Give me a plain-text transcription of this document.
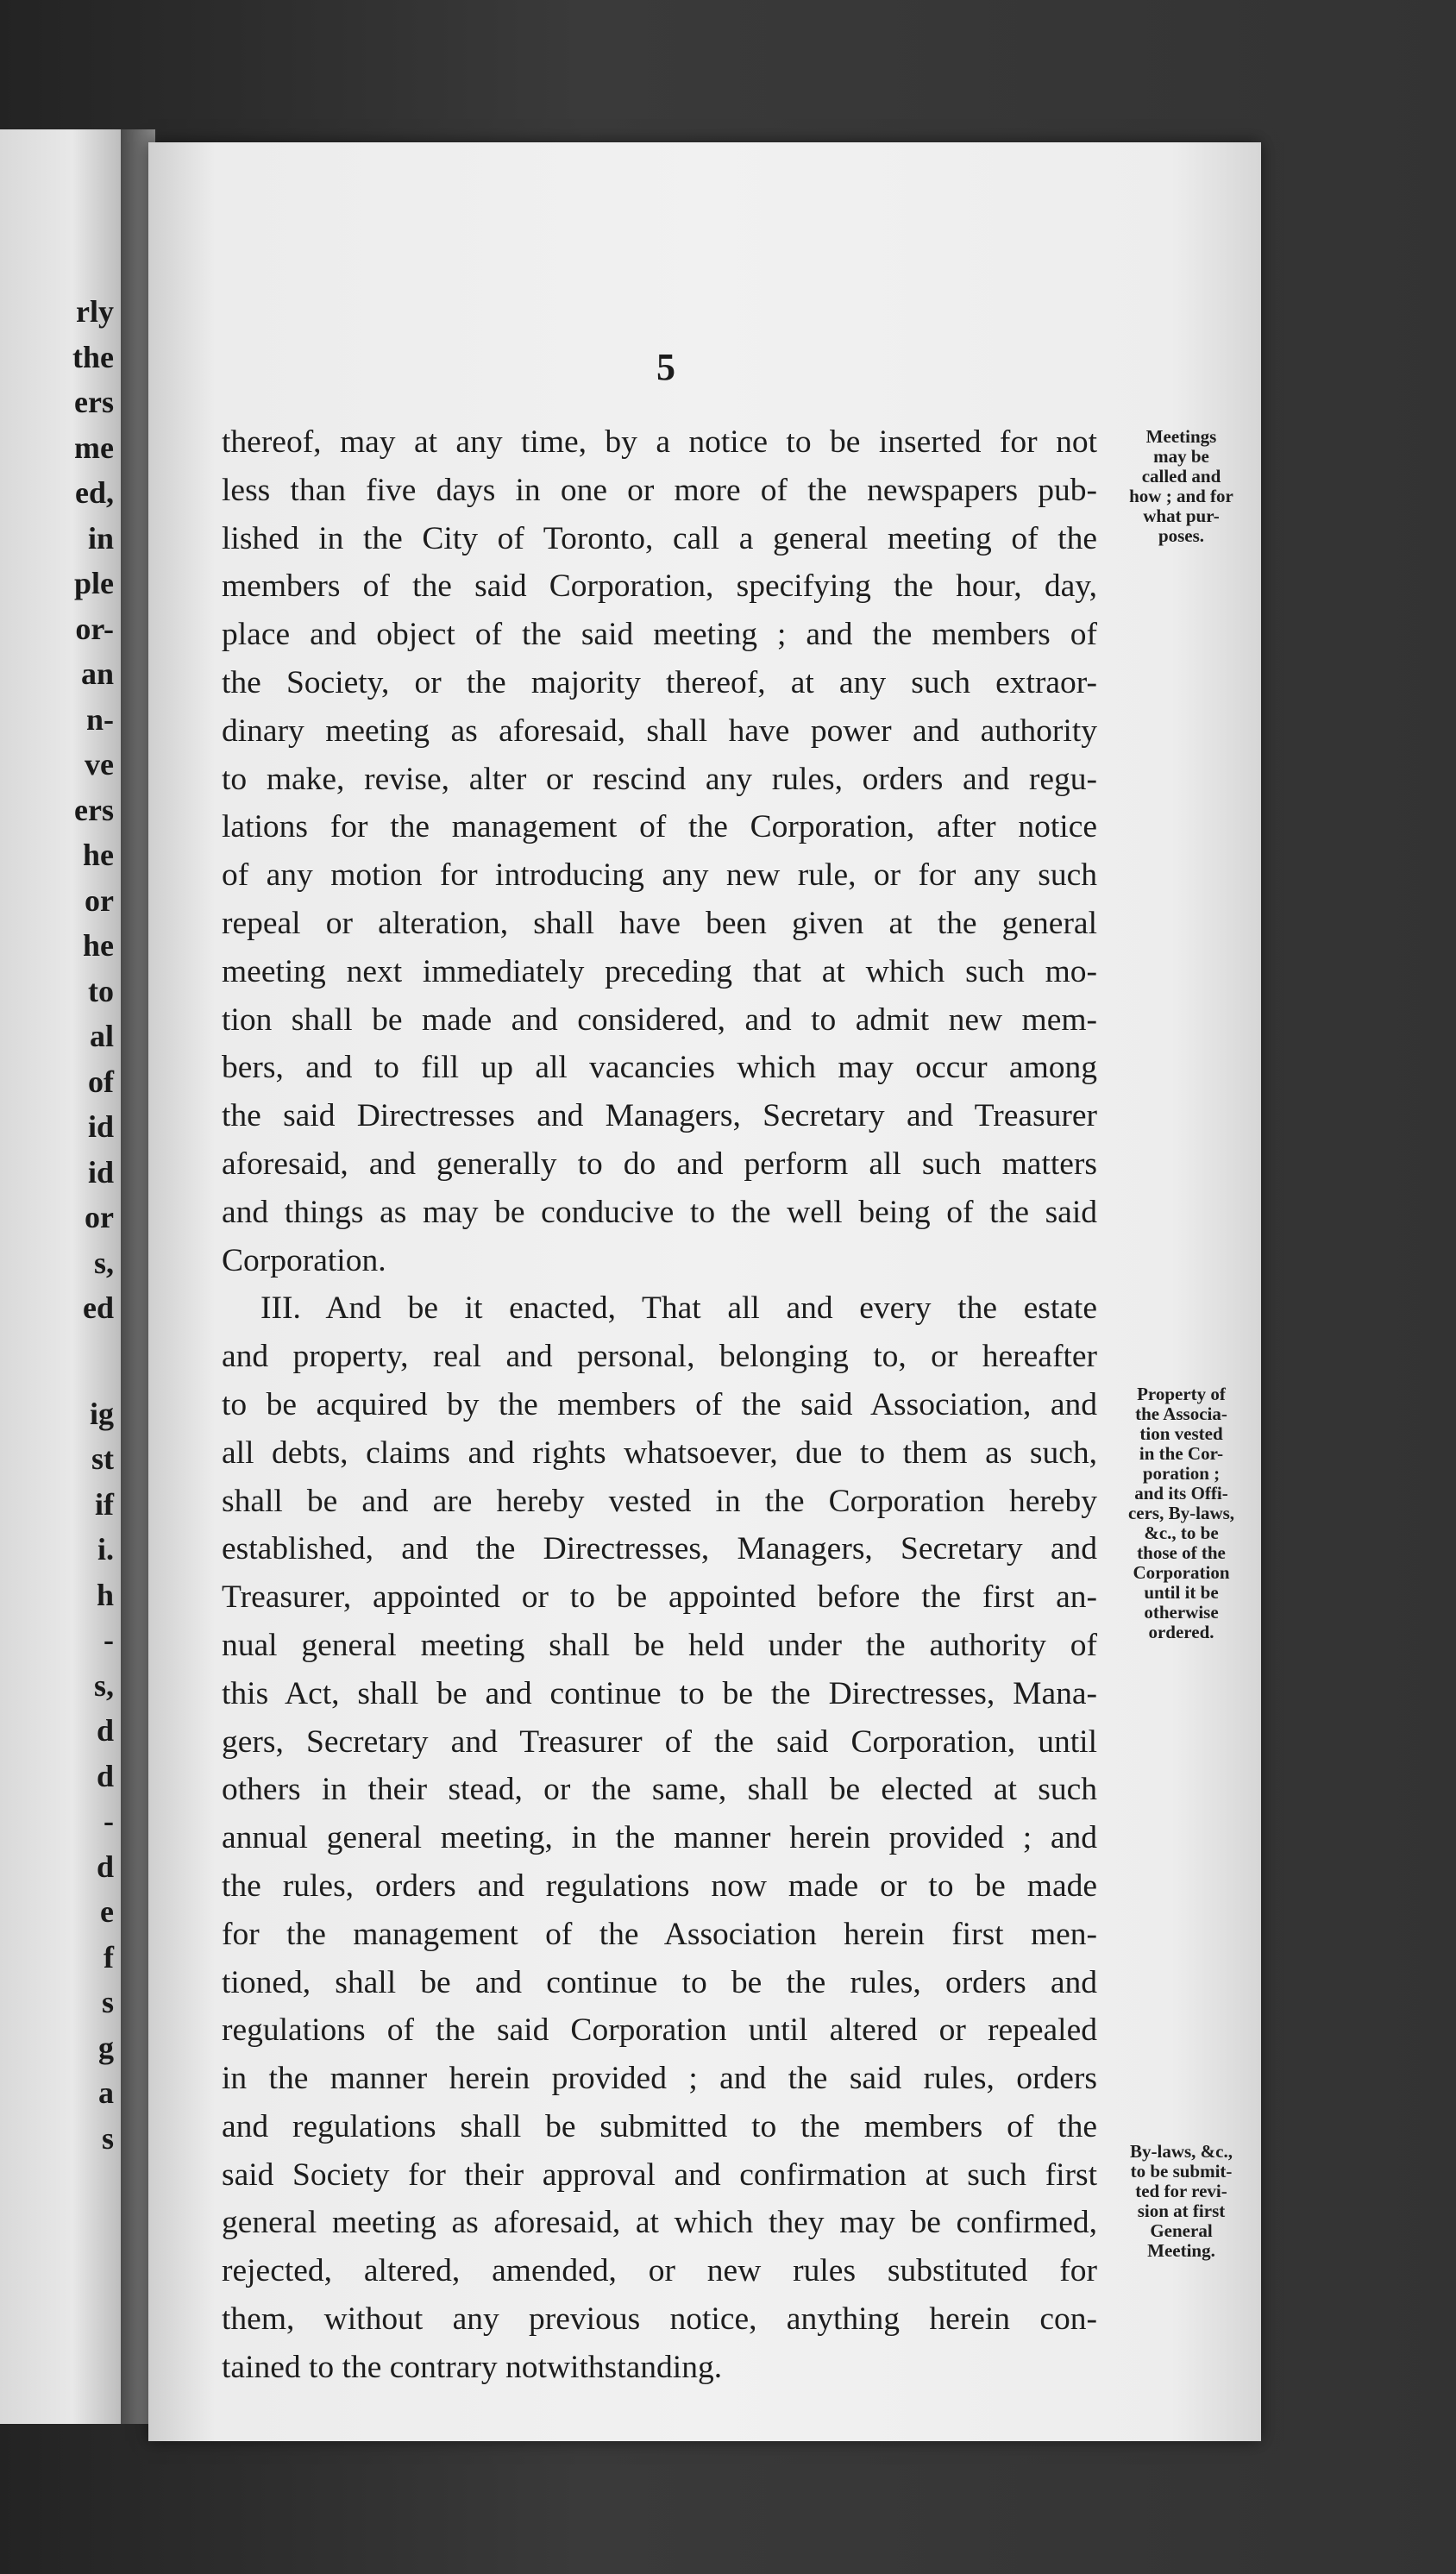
rly
the
ers
me
ed,
in
ple
or-
an
n-
ve
ers
he
or
he
to
al
of
id
id
or
s,
ed
ig
st
if
i.
h
-
s,
d
d
-
d
e
f
s
g
a
s
5
thereof, may at any time, by a notice to be inserted for not
less than five days in one or more of the newspapers pub-
lished in the City of Toronto, call a general meeting of the
members of the said Corporation, specifying the hour, day,
place and object of the said meeting ; and the members of
the Society, or the majority thereof, at any such extraor-
dinary meeting as aforesaid, shall have power and authority
to make, revise, alter or rescind any rules, orders and regu-
lations for the management of the Corporation, after notice
of any motion for introducing any new rule, or for any such
repeal or alteration, shall have been given at the general
meeting next immediately preceding that at which such mo-
tion shall be made and considered, and to admit new mem-
bers, and to fill up all vacancies which may occur among
the said Directresses and Managers, Secretary and Treasurer
aforesaid, and generally to do and perform all such matters
and things as may be conducive to the well being of the said
Corporation.
III. And be it enacted, That all and every the estate
and property, real and personal, belonging to, or hereafter
to be acquired by the members of the said Association, and
all debts, claims and rights whatsoever, due to them as such,
shall be and are hereby vested in the Corporation hereby
established, and the Directresses, Managers, Secretary and
Treasurer, appointed or to be appointed before the first an-
nual general meeting shall be held under the authority of
this Act, shall be and continue to be the Directresses, Mana-
gers, Secretary and Treasurer of the said Corporation, until
others in their stead, or the same, shall be elected at such
annual general meeting, in the manner herein provided ; and
the rules, orders and regulations now made or to be made
for the management of the Association herein first men-
tioned, shall be and continue to be the rules, orders and
regulations of the said Corporation until altered or repealed
in the manner herein provided ; and the said rules, orders
and regulations shall be submitted to the members of the
said Society for their approval and confirmation at such first
general meeting as aforesaid, at which they may be confirmed,
rejected, altered, amended, or new rules substituted for
them, without any previous notice, anything herein con-
tained to the contrary notwithstanding.
Meetings
may be
called and
how ; and for
what pur-
poses.
Property of
the Associa-
tion vested
in the Cor-
poration ;
and its Offi-
cers, By-laws,
&c., to be
those of the
Corporation
until it be
otherwise
ordered.
By-laws, &c.,
to be submit-
ted for revi-
sion at first
General
Meeting.
